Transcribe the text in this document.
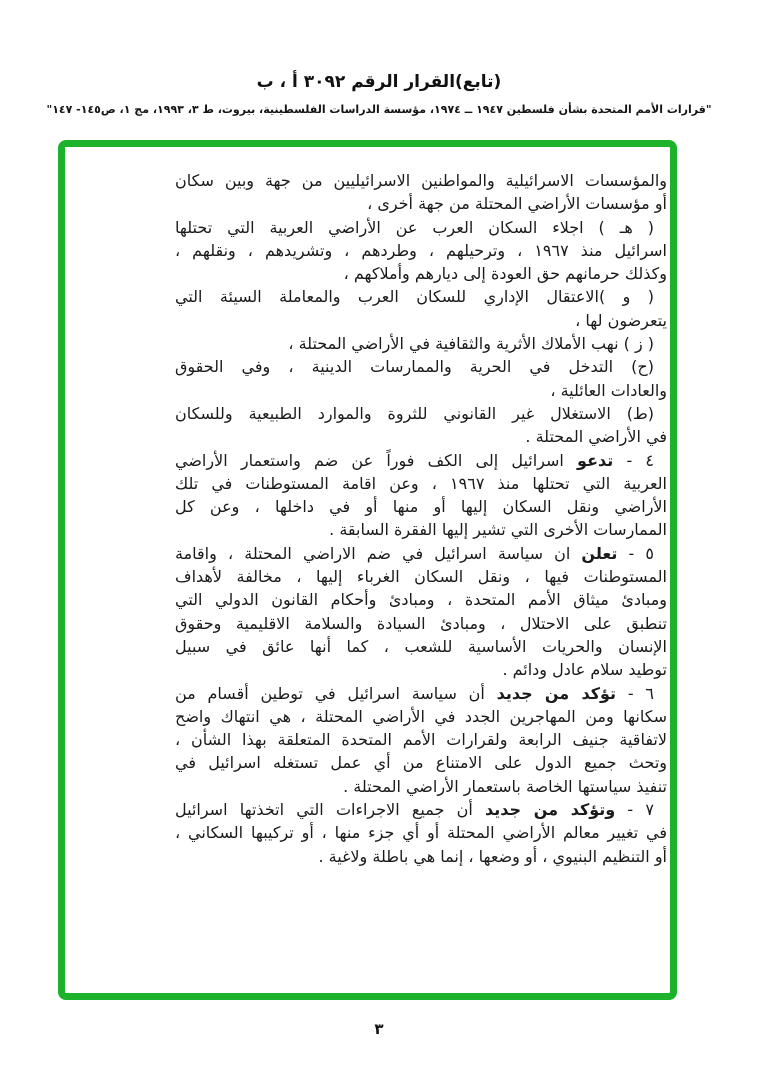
(تابع)القرار الرقم ٣٠٩٢ أ ، ب
"قرارات الأمم المتحدة بشأن فلسطين ١٩٤٧ ــ ١٩٧٤، مؤسسة الدراسات الفلسطينية، بيروت، ط ٣، ١٩٩٣، مج ١، ص١٤٥- ١٤٧"
والمؤسسات الاسرائيلية والمواطنين الاسرائيليين من جهة وبين سكان
أو مؤسسات الأراضي المحتلة من جهة أخرى ،
( هـ ) اجلاء السكان العرب عن الأراضي العربية التي تحتلها
اسرائيل منذ ١٩٦٧ ، وترحيلهم ، وطردهم ، وتشريدهم ، ونقلهم ،
وكذلك حرمانهم حق العودة إلى ديارهم وأملاكهم ،
( و )الاعتقال الإداري للسكان العرب والمعاملة السيئة التي
يتعرضون لها ،
( ز ) نهب الأملاك الأثرية والثقافية في الأراضي المحتلة ،
(ح) التدخل في الحرية والممارسات الدينية ، وفي الحقوق
والعادات العائلية ،
(ط) الاستغلال غير القانوني للثروة والموارد الطبيعية وللسكان
في الأراضي المحتلة .
٤ - تدعو اسرائيل إلى الكف فوراً عن ضم واستعمار الأراضي
العربية التي تحتلها منذ ١٩٦٧ ، وعن اقامة المستوطنات في تلك
الأراضي ونقل السكان إليها أو منها أو في داخلها ، وعن كل
الممارسات الأخرى التي تشير إليها الفقرة السابقة .
٥ - تعلن ان سياسة اسرائيل في ضم الاراضي المحتلة ، واقامة
المستوطنات فيها ، ونقل السكان الغرباء إليها ، مخالفة لأهداف
ومبادئ ميثاق الأمم المتحدة ، ومبادئ وأحكام القانون الدولي التي
تنطبق على الاحتلال ، ومبادئ السيادة والسلامة الاقليمية وحقوق
الإنسان والحريات الأساسية للشعب ، كما أنها عائق في سبيل
توطيد سلام عادل ودائم .
٦ - تؤكد من جديد أن سياسة اسرائيل في توطين أقسام من
سكانها ومن المهاجرين الجدد في الأراضي المحتلة ، هي انتهاك واضح
لاتفاقية جنيف الرابعة ولقرارات الأمم المتحدة المتعلقة بهذا الشأن ،
وتحث جميع الدول على الامتناع من أي عمل تستغله اسرائيل في
تنفيذ سياستها الخاصة باستعمار الأراضي المحتلة .
٧ - وتؤكد من جديد أن جميع الاجراءات التي اتخذتها اسرائيل
في تغيير معالم الأراضي المحتلة أو أي جزء منها ، أو تركيبها السكاني ،
أو التنظيم البنيوي ، أو وضعها ، إنما هي باطلة ولاغية .
٣
